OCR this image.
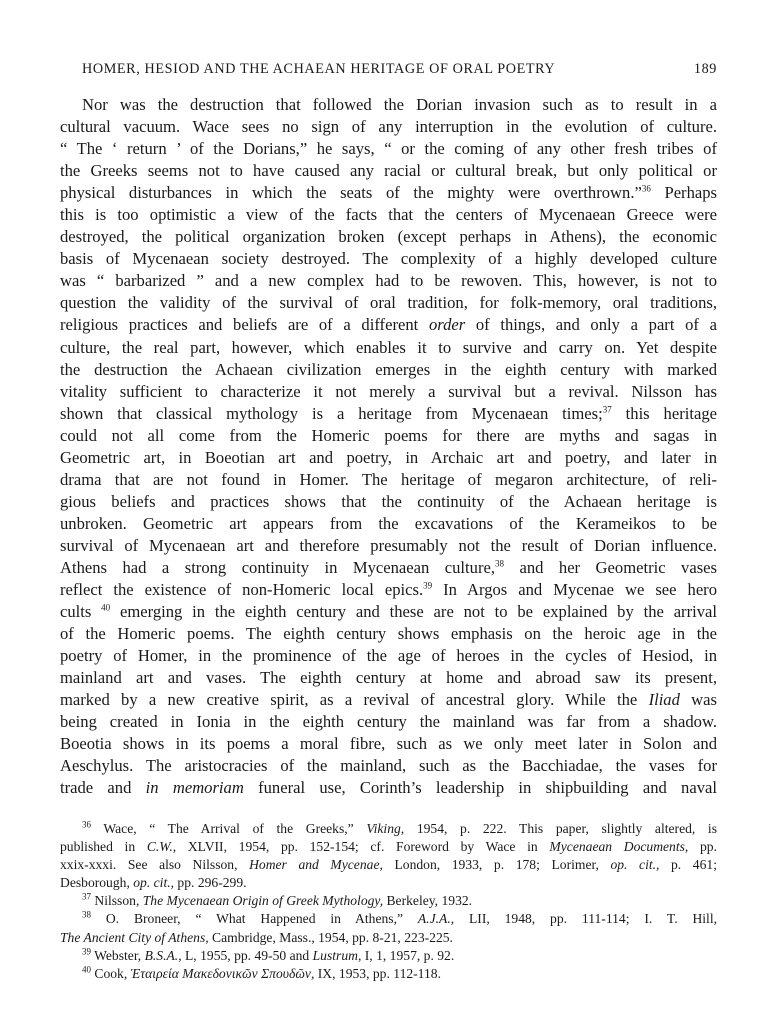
HOMER, HESIOD AND THE ACHAEAN HERITAGE OF ORAL POETRY	189
Nor was the destruction that followed the Dorian invasion such as to result in a
cultural vacuum. Wace sees no sign of any interruption in the evolution of culture.
“ The ‘ return ’ of the Dorians,” he says, “ or the coming of any other fresh tribes of
the Greeks seems not to have caused any racial or cultural break, but only political or
physical disturbances in which the seats of the mighty were overthrown.”$^{36}$ Perhaps
this is too optimistic a view of the facts that the centers of Mycenaean Greece were
destroyed, the political organization broken (except perhaps in Athens), the economic
basis of Mycenaean society destroyed. The complexity of a highly developed culture
was “ barbarized ” and a new complex had to be rewoven. This, however, is not to
question the validity of the survival of oral tradition, for folk-memory, oral traditions,
religious practices and beliefs are of a different order of things, and only a part of a
culture, the real part, however, which enables it to survive and carry on. Yet despite
the destruction the Achaean civilization emerges in the eighth century with marked
vitality sufficient to characterize it not merely a survival but a revival. Nilsson has
shown that classical mythology is a heritage from Mycenaean times;$^{37}$ this heritage
could not all come from the Homeric poems for there are myths and sagas in
Geometric art, in Boeotian art and poetry, in Archaic art and poetry, and later in
drama that are not found in Homer. The heritage of megaron architecture, of reli-
gious beliefs and practices shows that the continuity of the Achaean heritage is
unbroken. Geometric art appears from the excavations of the Kerameikos to be
survival of Mycenaean art and therefore presumably not the result of Dorian influence.
Athens had a strong continuity in Mycenaean culture,$^{38}$ and her Geometric vases
reflect the existence of non-Homeric local epics.$^{39}$ In Argos and Mycenae we see hero
cults $^{40}$ emerging in the eighth century and these are not to be explained by the arrival
of the Homeric poems. The eighth century shows emphasis on the heroic age in the
poetry of Homer, in the prominence of the age of heroes in the cycles of Hesiod, in
mainland art and vases. The eighth century at home and abroad saw its present,
marked by a new creative spirit, as a revival of ancestral glory. While the Iliad was
being created in Ionia in the eighth century the mainland was far from a shadow.
Boeotia shows in its poems a moral fibre, such as we only meet later in Solon and
Aeschylus. The aristocracies of the mainland, such as the Bacchiadae, the vases for
trade and in memoriam funeral use, Corinth’s leadership in shipbuilding and naval
$^{36}$ Wace, “ The Arrival of the Greeks,” Viking, 1954, p. 222. This paper, slightly altered, is
published in C.W., XLVII, 1954, pp. 152-154; cf. Foreword by Wace in Mycenaean Documents, pp.
xxix-xxxi. See also Nilsson, Homer and Mycenae, London, 1933, p. 178; Lorimer, op. cit., p. 461;
Desborough, op. cit., pp. 296-299.
$^{37}$ Nilsson, The Mycenaean Origin of Greek Mythology, Berkeley, 1932.
$^{38}$ O. Broneer, “ What Happened in Athens,” A.J.A., LII, 1948, pp. 111-114; I. T. Hill,
The Ancient City of Athens, Cambridge, Mass., 1954, pp. 8-21, 223-225.
$^{39}$ Webster, B.S.A., L, 1955, pp. 49-50 and Lustrum, I, 1, 1957, p. 92.
$^{40}$ Cook, Ἑταιρεία Μακεδονικῶν Σπουδῶν, IX, 1953, pp. 112-118.
